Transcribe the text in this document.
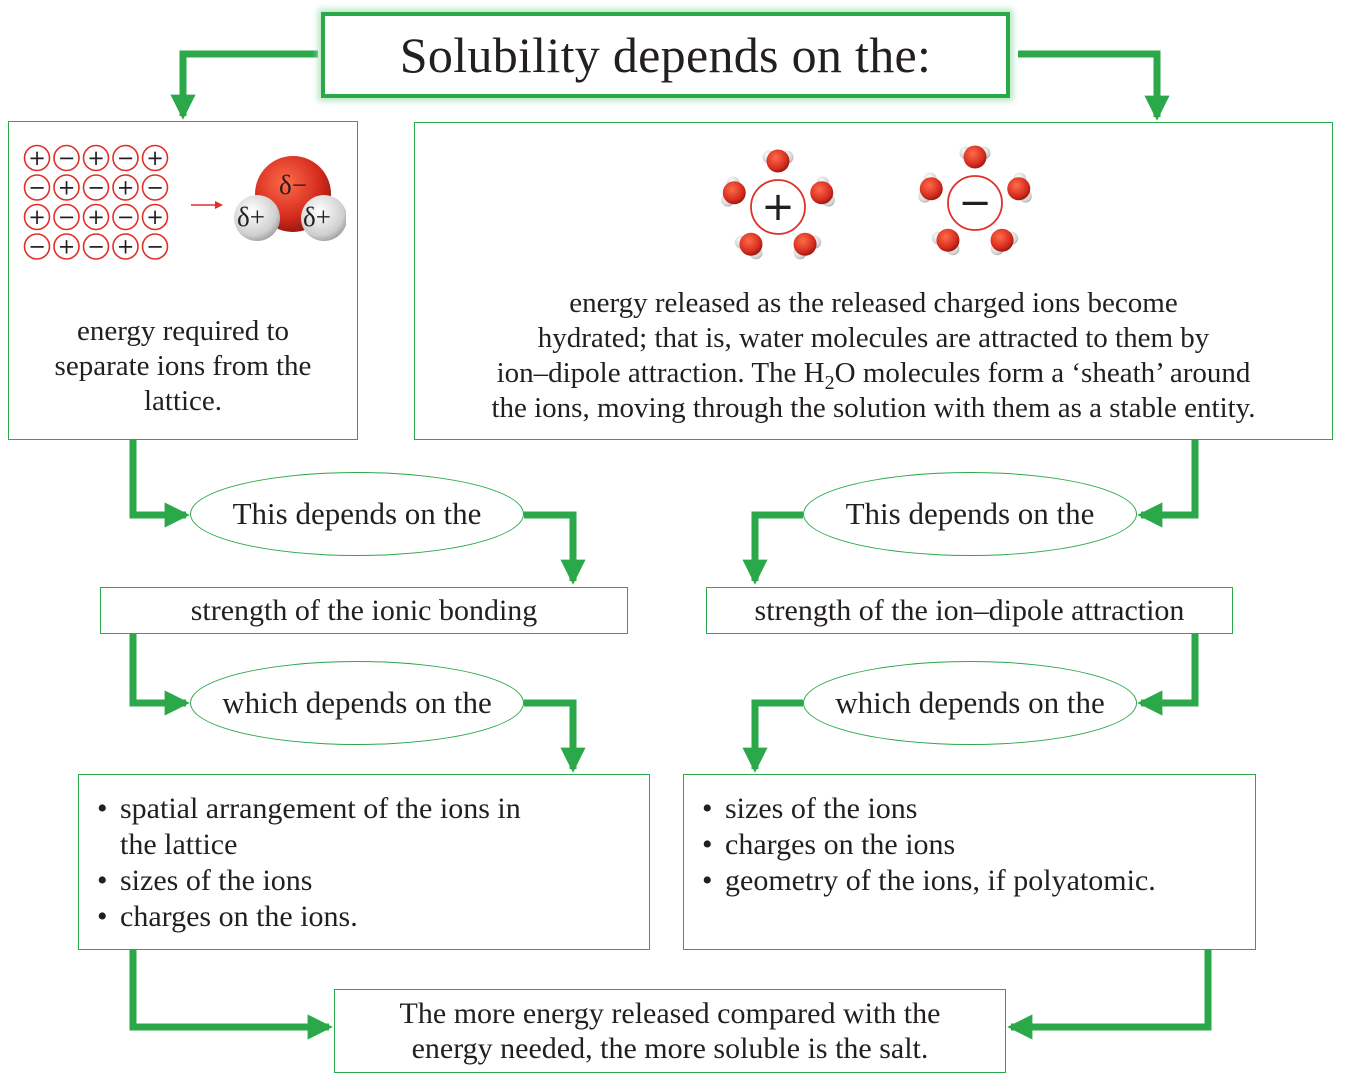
Solubility depends on the:
+ − + − +
− + − + −
+ − + − +
− + − + −
δ−
δ+ δ+
energy required to
separate ions from the
lattice.
+	−
energy released as the released charged ions become
hydrated; that is, water molecules are attracted to them by
ion–dipole attraction. The $H_2O$ molecules form a ‘sheath’ around
the ions, moving through the solution with them as a stable entity.
This depends on the
strength of the ionic bonding
which depends on the
• spatial arrangement of the ions in
the lattice
• sizes of the ions
• charges on the ions.
This depends on the
strength of the ion–dipole attraction
which depends on the
• sizes of the ions
• charges on the ions
• geometry of the ions, if polyatomic.
The more energy released compared with the
energy needed, the more soluble is the salt.
